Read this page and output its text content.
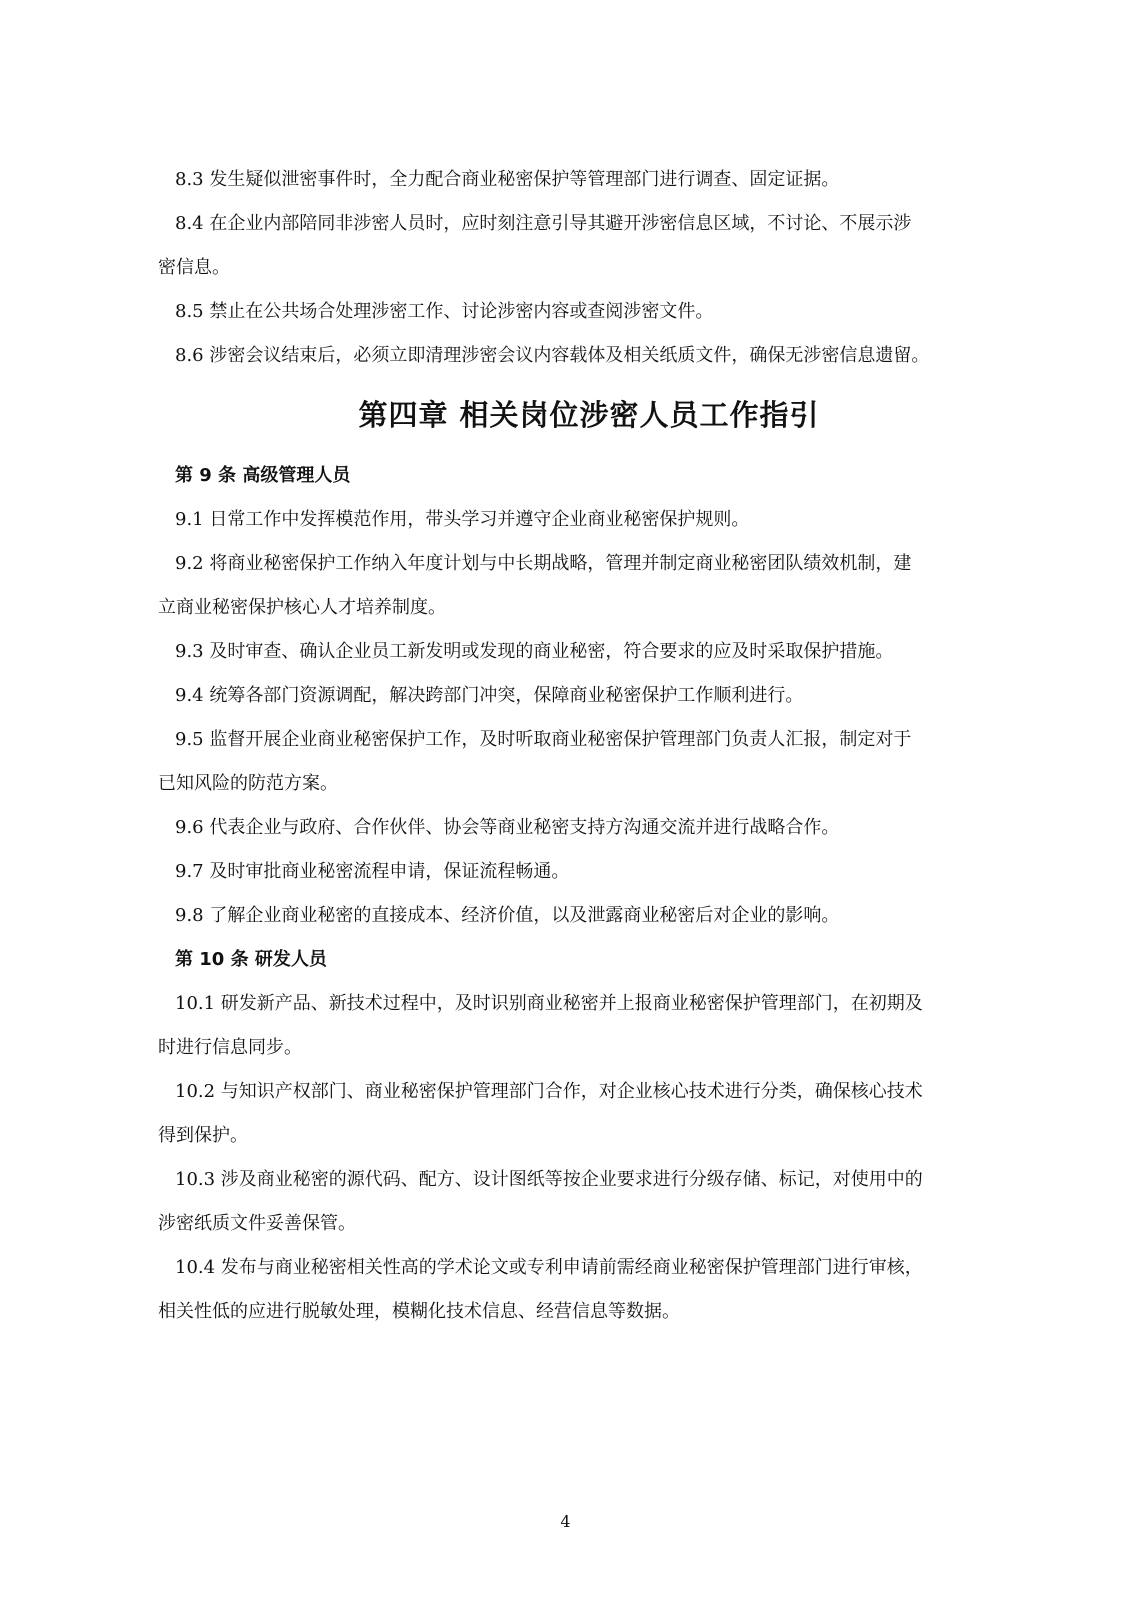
8.3 发生疑似泄密事件时，全力配合商业秘密保护等管理部门进行调查、固定证据。

8.4 在企业内部陪同非涉密人员时，应时刻注意引导其避开涉密信息区域，不讨论、不展示涉

密信息。

8.5 禁止在公共场合处理涉密工作、讨论涉密内容或查阅涉密文件。

8.6 涉密会议结束后，必须立即清理涉密会议内容载体及相关纸质文件，确保无涉密信息遗留。

第四章 相关岗位涉密人员工作指引

第 9 条 高级管理人员

9.1 日常工作中发挥模范作用，带头学习并遵守企业商业秘密保护规则。

9.2 将商业秘密保护工作纳入年度计划与中长期战略，管理并制定商业秘密团队绩效机制，建

立商业秘密保护核心人才培养制度。

9.3 及时审查、确认企业员工新发明或发现的商业秘密，符合要求的应及时采取保护措施。

9.4 统筹各部门资源调配，解决跨部门冲突，保障商业秘密保护工作顺利进行。

9.5 监督开展企业商业秘密保护工作，及时听取商业秘密保护管理部门负责人汇报，制定对于

已知风险的防范方案。

9.6 代表企业与政府、合作伙伴、协会等商业秘密支持方沟通交流并进行战略合作。

9.7 及时审批商业秘密流程申请，保证流程畅通。

9.8 了解企业商业秘密的直接成本、经济价值，以及泄露商业秘密后对企业的影响。

第 10 条 研发人员

10.1 研发新产品、新技术过程中，及时识别商业秘密并上报商业秘密保护管理部门，在初期及

时进行信息同步。

10.2 与知识产权部门、商业秘密保护管理部门合作，对企业核心技术进行分类，确保核心技术

得到保护。

10.3 涉及商业秘密的源代码、配方、设计图纸等按企业要求进行分级存储、标记，对使用中的

涉密纸质文件妥善保管。

10.4 发布与商业秘密相关性高的学术论文或专利申请前需经商业秘密保护管理部门进行审核，

相关性低的应进行脱敏处理，模糊化技术信息、经营信息等数据。

4
